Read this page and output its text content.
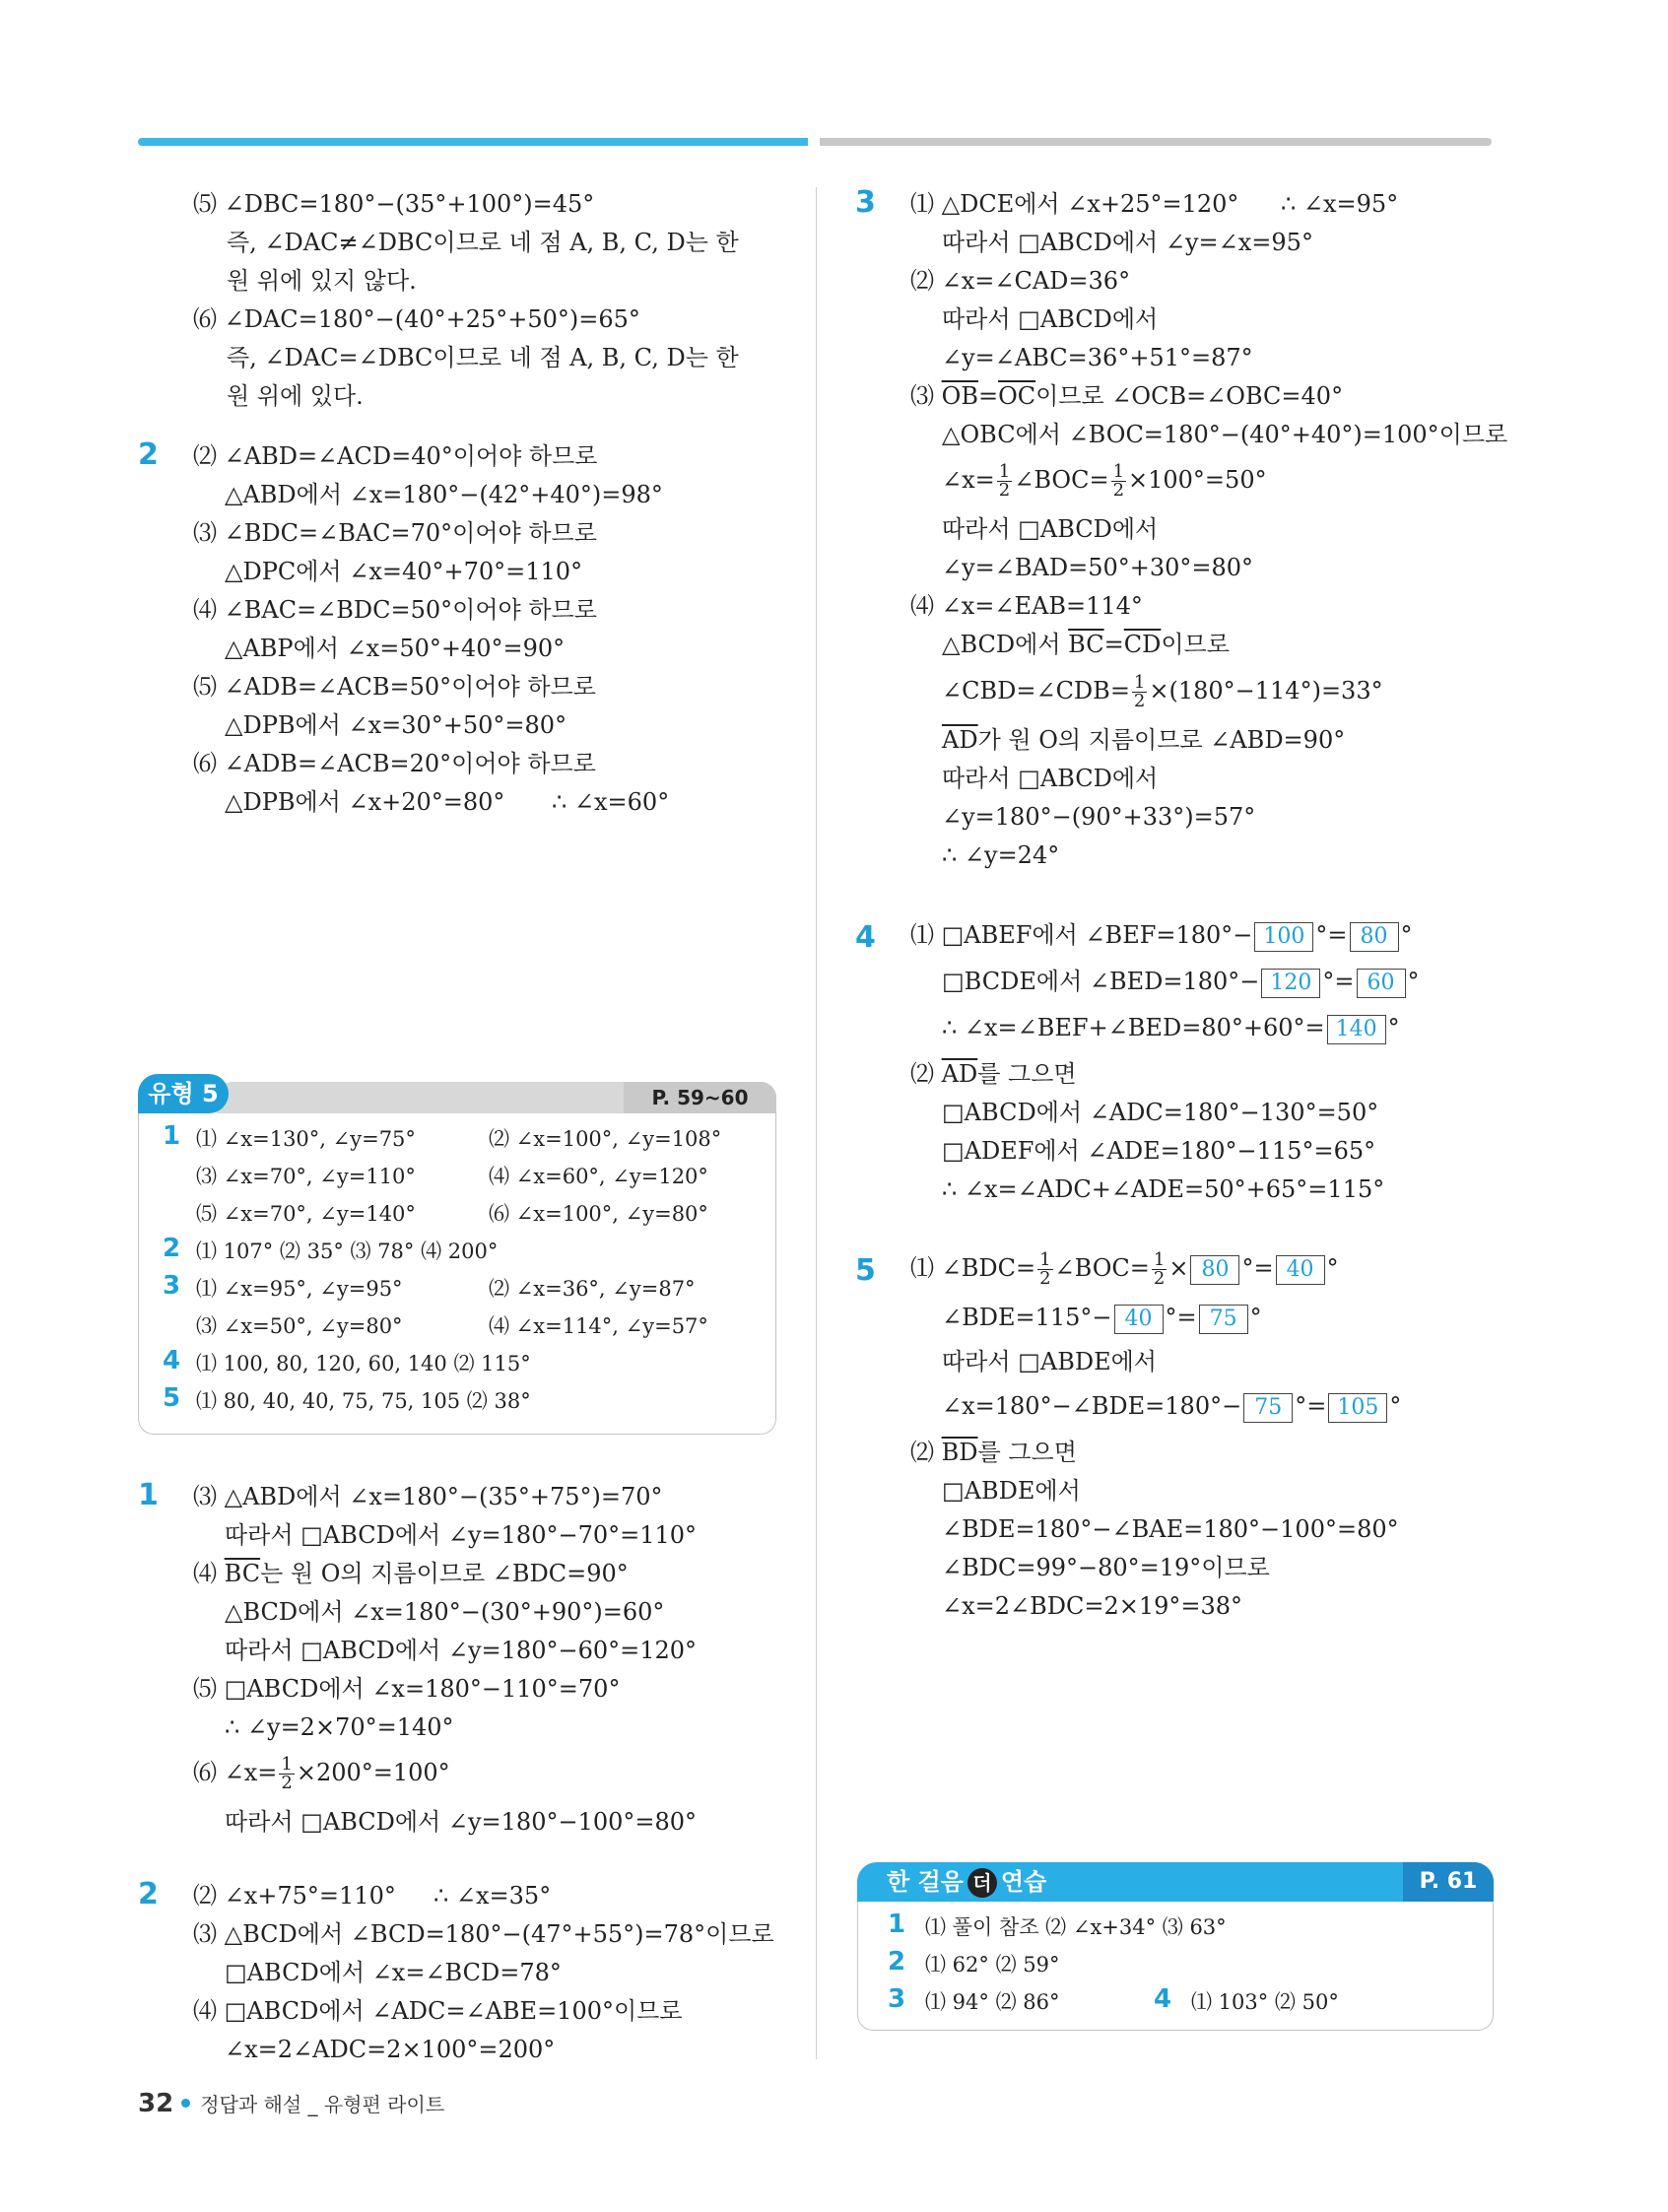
⑸ ∠DBC=180°−(35°+100°)=45°
즉, ∠DAC≠∠DBC이므로 네 점 A, B, C, D는 한
원 위에 있지 않다.
⑹ ∠DAC=180°−(40°+25°+50°)=65°
즉, ∠DAC=∠DBC이므로 네 점 A, B, C, D는 한
원 위에 있다.
2 ⑵ ∠ABD=∠ACD=40°이어야 하므로
△ABD에서 ∠x=180°−(42°+40°)=98°
⑶ ∠BDC=∠BAC=70°이어야 하므로
△DPC에서 ∠x=40°+70°=110°
⑷ ∠BAC=∠BDC=50°이어야 하므로
△ABP에서 ∠x=50°+40°=90°
⑸ ∠ADB=∠ACB=50°이어야 하므로
△DPB에서 ∠x=30°+50°=80°
⑹ ∠ADB=∠ACB=20°이어야 하므로
△DPB에서 ∠x+20°=80° ∴ ∠x=60°
유형 5	P. 59~60
1 ⑴ ∠x=130°, ∠y=75°	⑵ ∠x=100°, ∠y=108°
⑶ ∠x=70°, ∠y=110°	⑷ ∠x=60°, ∠y=120°
⑸ ∠x=70°, ∠y=140°	⑹ ∠x=100°, ∠y=80°
2 ⑴ 107° ⑵ 35° ⑶ 78° ⑷ 200°
3 ⑴ ∠x=95°, ∠y=95°	⑵ ∠x=36°, ∠y=87°
⑶ ∠x=50°, ∠y=80°	⑷ ∠x=114°, ∠y=57°
4 ⑴ 100, 80, 120, 60, 140 ⑵ 115°
5 ⑴ 80, 40, 40, 75, 75, 105 ⑵ 38°
1 ⑶ △ABD에서 ∠x=180°−(35°+75°)=70°
따라서 □ABCD에서 ∠y=180°−70°=110°
⑷ $\overline{BC}$는 원 O의 지름이므로 ∠BDC=90°
△BCD에서 ∠x=180°−(30°+90°)=60°
따라서 □ABCD에서 ∠y=180°−60°=120°
⑸ □ABCD에서 ∠x=180°−110°=70°
∴ ∠y=2×70°=140°
⑹ ∠x= $\frac{1}{2} \times 200^\circ=100^\circ$
따라서 □ABCD에서 ∠y=180°−100°=80°
2 ⑵ ∠x+75°=110° ∴ ∠x=35°
⑶ △BCD에서 ∠BCD=180°−(47°+55°)=78°이므로
□ABCD에서 ∠x=∠BCD=78°
⑷ □ABCD에서 ∠ADC=∠ABE=100°이므로
∠x=2∠ADC=2×100°=200°
3 ⑴ △DCE에서 ∠x+25°=120° ∴ ∠x=95°
따라서 □ABCD에서 ∠y=∠x=95°
⑵ ∠x=∠CAD=36°
따라서 □ABCD에서
∠y=∠ABC=36°+51°=87°
⑶ $\overline{OB}=\overline{OC}$이므로 ∠OCB=∠OBC=40°
△OBC에서 ∠BOC=180°−(40°+40°)=100°이므로
∠x= $\frac{1}{2}$ ∠BOC= $\frac{1}{2} \times 100^\circ=50^\circ$
따라서 □ABCD에서
∠y=∠BAD=50°+30°=80°
⑷ ∠x=∠EAB=114°
△BCD에서 $\overline{BC}=\overline{CD}$이므로
∠CBD=∠CDB= $\frac{1}{2} \times(180^\circ-114^\circ)=33^\circ$
$\overline{AD}$가 원 O의 지름이므로 ∠ABD=90°
따라서 □ABCD에서
∠y=180°−(90°+33°)=57°
∴ ∠y=24°
4 ⑴ □ABEF에서 ∠BEF=180°− 100 °= 80 °
□BCDE에서 ∠BED=180°− 120 °= 60 °
∴ ∠x=∠BEF+∠BED=80°+60°= 140 °
⑵ $\overline{AD}$를 그으면
□ABCD에서 ∠ADC=180°−130°=50°
□ADEF에서 ∠ADE=180°−115°=65°
∴ ∠x=∠ADC+∠ADE=50°+65°=115°
5 ⑴ ∠BDC= $\frac{1}{2}$ ∠BOC= $\frac{1}{2} \times 80$ °= 40 °
∠BDE=115°− 40 °= 75 °
따라서 □ABDE에서
∠x=180°−∠BDE=180°− 75 °= 105 °
⑵ $\overline{BD}$를 그으면
□ABDE에서
∠BDE=180°−∠BAE=180°−100°=80°
∠BDC=99°−80°=19°이므로
∠x=2∠BDC=2×19°=38°
한 걸음 더 연습	P. 61
1 ⑴ 풀이 참조 ⑵ ∠x+34° ⑶ 63°
2 ⑴ 62° ⑵ 59°
3 ⑴ 94° ⑵ 86°	4 ⑴ 103° ⑵ 50°
32 정답과 해설 _ 유형편 라이트
